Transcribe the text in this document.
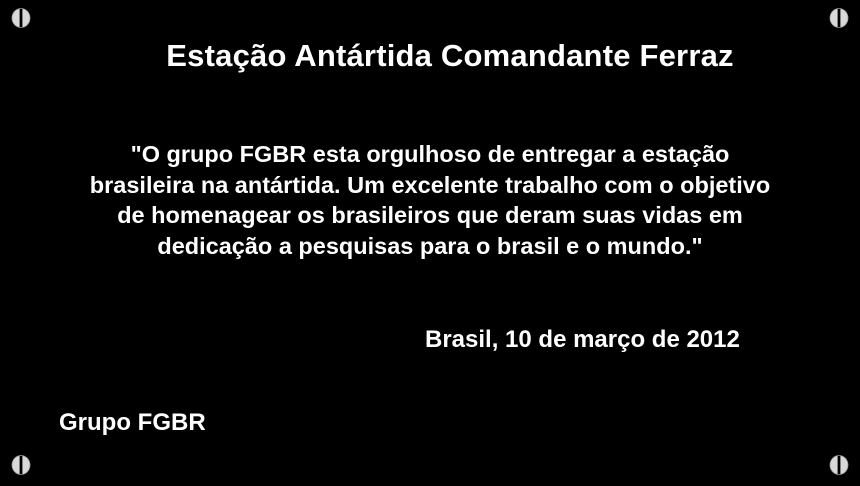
Estação Antártida Comandante Ferraz
"O grupo FGBR esta orgulhoso de entregar a estação
brasileira na antártida. Um excelente trabalho com o objetivo
de homenagear os brasileiros que deram suas vidas em
dedicação a pesquisas para o brasil e o mundo."
Brasil, 10 de março de 2012
Grupo FGBR
